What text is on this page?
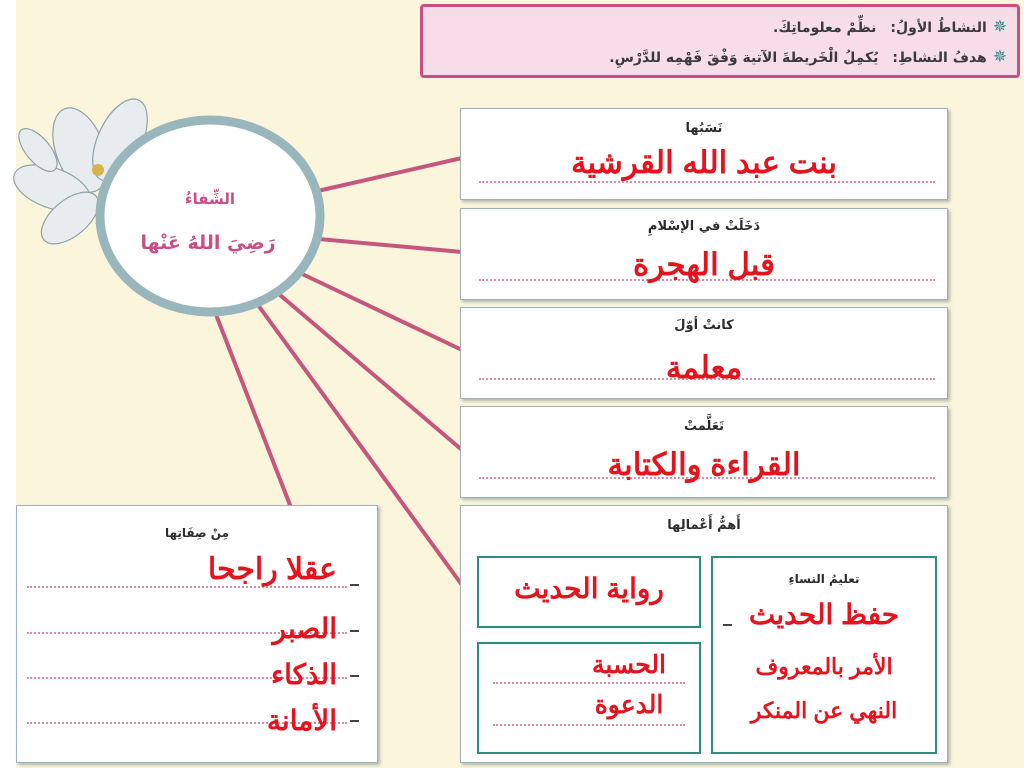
الشِّفاءُ
رَضِيَ اللهُ عَنْها
✵النشاطُ الأولُ:نظِّمْ معلوماتِكَ.
✵هدفُ النشاطِ:يُكمِلُ الْخَريطةَ الآتية وَفْقَ فَهْمِه للدَّرْسِ.
نَسَبُها
بنت عبد الله القرشية
دَخَلَتْ في الإسْلامِ
قبل الهجرة
كانتْ أوّلَ
معلمة
تَعَلَّمتْ
القراءة والكتابة
أَهمُّ أَعْمالِها
تعليمُ النساءِ
حفظ الحديث
الأمر بالمعروف
النهي عن المنكر
رواية الحديث
الحسبة
الدعوة
مِنْ صِفَاتِها
عقلا راجحا
الصبر
الذكاء
الأمانة
